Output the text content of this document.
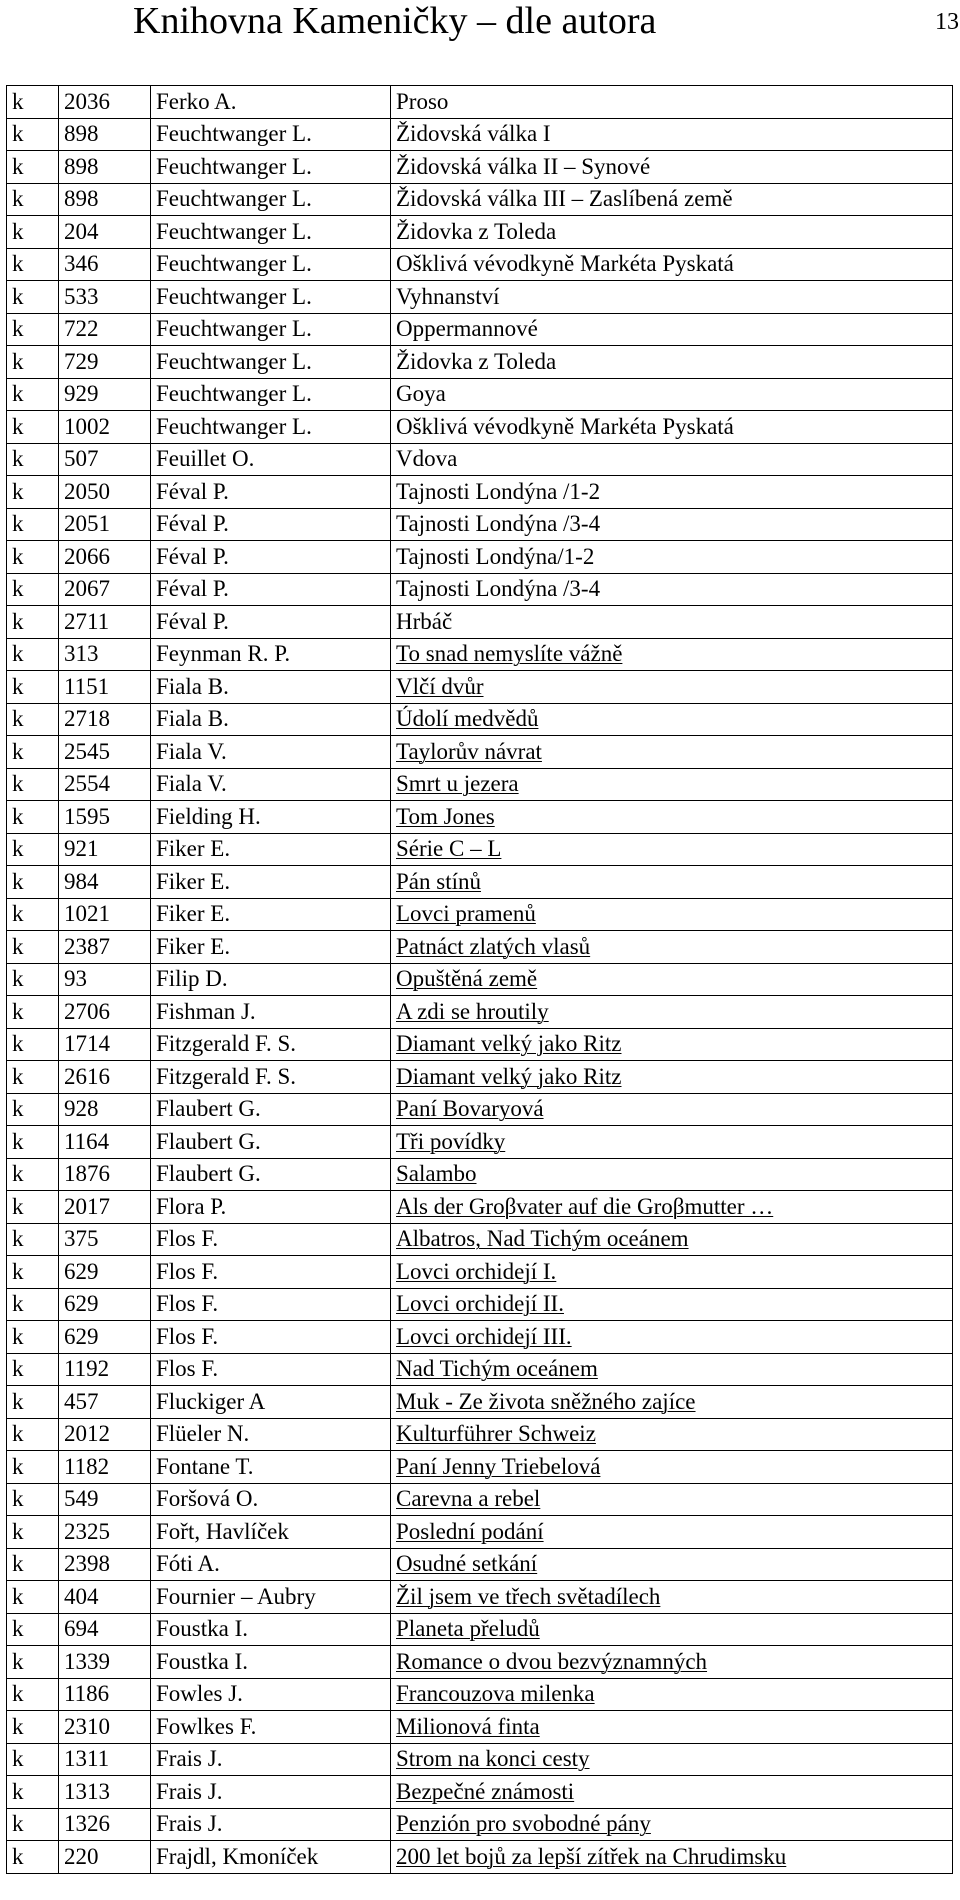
Knihovna Kameničky – dle autora	13
k	2036	Ferko A.	Proso
k	898	Feuchtwanger L.	Židovská válka I
k	898	Feuchtwanger L.	Židovská válka II – Synové
k	898	Feuchtwanger L.	Židovská válka III – Zaslíbená země
k	204	Feuchtwanger L.	Židovka z Toleda
k	346	Feuchtwanger L.	Ošklivá vévodkyně Markéta Pyskatá
k	533	Feuchtwanger L.	Vyhnanství
k	722	Feuchtwanger L.	Oppermannové
k	729	Feuchtwanger L.	Židovka z Toleda
k	929	Feuchtwanger L.	Goya
k	1002	Feuchtwanger L.	Ošklivá vévodkyně Markéta Pyskatá
k	507	Feuillet O.	Vdova
k	2050	Féval P.	Tajnosti Londýna /1-2
k	2051	Féval P.	Tajnosti Londýna /3-4
k	2066	Féval P.	Tajnosti Londýna/1-2
k	2067	Féval P.	Tajnosti Londýna /3-4
k	2711	Féval P.	Hrbáč
k	313	Feynman R. P.	To snad nemyslíte vážně
k	1151	Fiala B.	Vlčí dvůr
k	2718	Fiala B.	Údolí medvědů
k	2545	Fiala V.	Taylorův návrat
k	2554	Fiala V.	Smrt u jezera
k	1595	Fielding H.	Tom Jones
k	921	Fiker E.	Série C – L
k	984	Fiker E.	Pán stínů
k	1021	Fiker E.	Lovci pramenů
k	2387	Fiker E.	Patnáct zlatých vlasů
k	93	Filip D.	Opuštěná země
k	2706	Fishman J.	A zdi se hroutily
k	1714	Fitzgerald F. S.	Diamant velký jako Ritz
k	2616	Fitzgerald F. S.	Diamant velký jako Ritz
k	928	Flaubert G.	Paní Bovaryová
k	1164	Flaubert G.	Tři povídky
k	1876	Flaubert G.	Salambo
k	2017	Flora P.	Als der Groβvater auf die Groβmutter …
k	375	Flos F.	Albatros, Nad Tichým oceánem
k	629	Flos F.	Lovci orchidejí I.
k	629	Flos F.	Lovci orchidejí II.
k	629	Flos F.	Lovci orchidejí III.
k	1192	Flos F.	Nad Tichým oceánem
k	457	Fluckiger A	Muk - Ze života sněžného zajíce
k	2012	Flüeler N.	Kulturführer Schweiz
k	1182	Fontane T.	Paní Jenny Triebelová
k	549	Foršová O.	Carevna a rebel
k	2325	Fořt, Havlíček	Poslední podání
k	2398	Fóti A.	Osudné setkání
k	404	Fournier – Aubry	Žil jsem ve třech světadílech
k	694	Foustka I.	Planeta přeludů
k	1339	Foustka I.	Romance o dvou bezvýznamných
k	1186	Fowles J.	Francouzova milenka
k	2310	Fowlkes F.	Milionová finta
k	1311	Frais J.	Strom na konci cesty
k	1313	Frais J.	Bezpečné známosti
k	1326	Frais J.	Penzión pro svobodné pány
k	220	Frajdl, Kmoníček	200 let bojů za lepší zítřek na Chrudimsku
